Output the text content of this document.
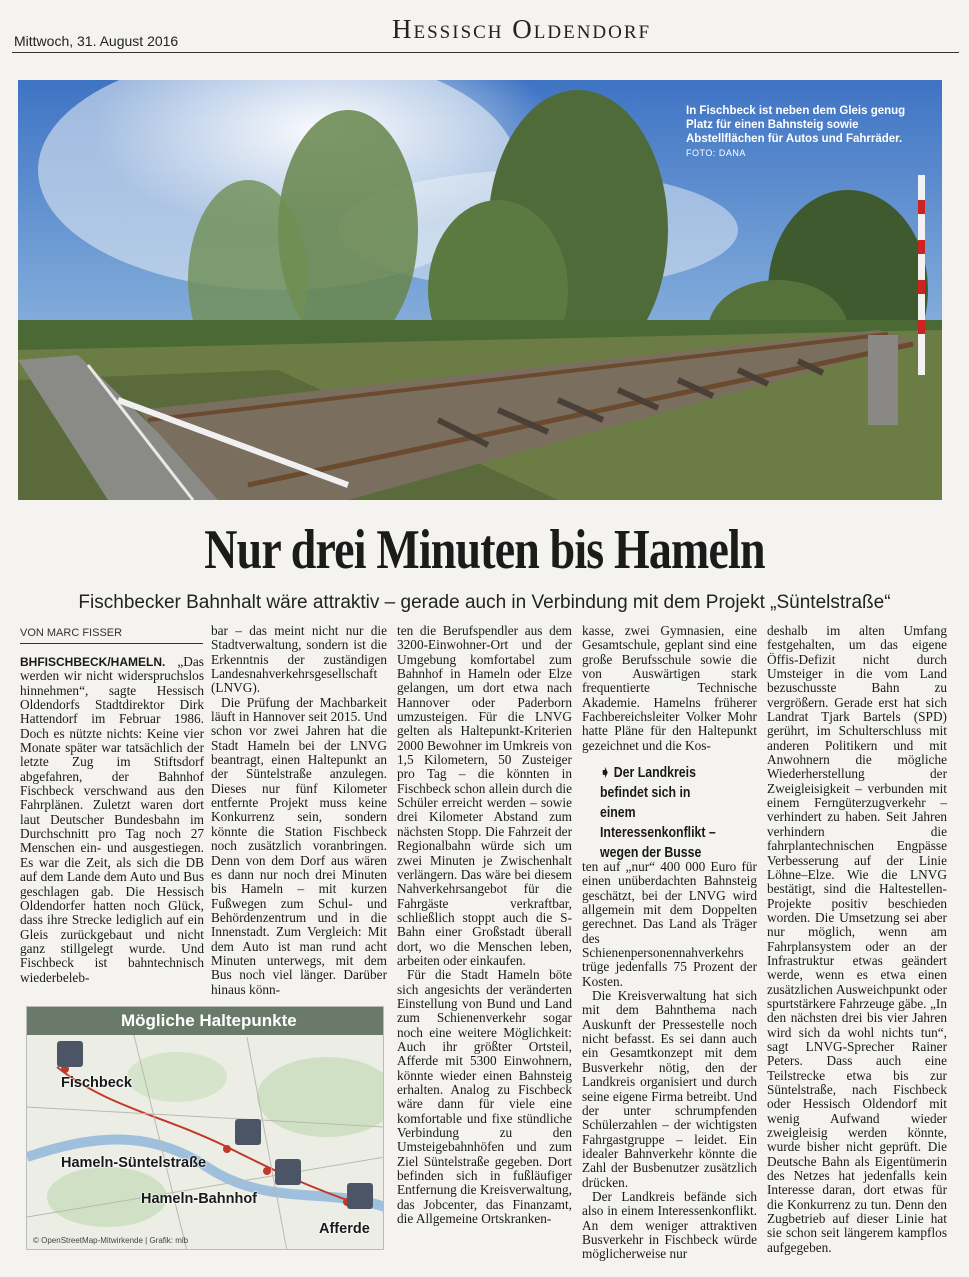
Mittwoch, 31. August 2016	Hessisch Oldendorf
In Fischbeck ist neben dem Gleis genug Platz für einen Bahnsteig sowie Abstellflächen für Autos und Fahrräder. FOTO: DANA
Nur drei Minuten bis Hameln
Fischbecker Bahnhalt wäre attraktiv – gerade auch in Verbindung mit dem Projekt „Süntelstraße“
VON MARC FISSER

BHFISCHBECK/HAMELN. „Das werden wir nicht widerspruchslos hinnehmen“, sagte Hessisch Oldendorfs Stadtdirektor Dirk Hattendorf im Februar 1986. Doch es nützte nichts: Keine vier Monate später war tatsächlich der letzte Zug im Stiftsdorf abgefahren, der Bahnhof Fischbeck verschwand aus den Fahrplänen. Zuletzt waren dort laut Deutscher Bundesbahn im Durchschnitt pro Tag noch 27 Menschen ein- und ausgestiegen. Es war die Zeit, als sich die DB auf dem Lande dem Auto und Bus geschlagen gab. Die Hessisch Oldendorfer hatten noch Glück, dass ihre Strecke lediglich auf ein Gleis zurückgebaut und nicht ganz stillgelegt wurde. Und Fischbeck ist bahntechnisch wiederbeleb-

bar – das meint nicht nur die Stadtverwaltung, sondern ist die Erkenntnis der zuständigen Landesnahverkehrsgesellschaft (LNVG).

Die Prüfung der Machbarkeit läuft in Hannover seit 2015. Und schon vor zwei Jahren hat die Stadt Hameln bei der LNVG beantragt, einen Haltepunkt an der Süntelstraße anzulegen. Dieses nur fünf Kilometer entfernte Projekt muss keine Konkurrenz sein, sondern könnte die Station Fischbeck noch zusätzlich voranbringen. Denn von dem Dorf aus wären es dann nur noch drei Minuten bis Hameln – mit kurzen Fußwegen zum Schul- und Behördenzentrum und in die Innenstadt. Zum Vergleich: Mit dem Auto ist man rund acht Minuten unterwegs, mit dem Bus noch viel länger. Darüber hinaus könn-

ten die Berufspendler aus dem 3200-Einwohner-Ort und der Umgebung komfortabel zum Bahnhof in Hameln oder Elze gelangen, um dort etwa nach Hannover oder Paderborn umzusteigen. Für die LNVG gelten als Haltepunkt-Kriterien 2000 Bewohner im Umkreis von 1,5 Kilometern, 50 Zusteiger pro Tag – die könnten in Fischbeck schon allein durch die Schüler erreicht werden – sowie drei Kilometer Abstand zum nächsten Stopp. Die Fahrzeit der Regionalbahn würde sich um zwei Minuten je Zwischenhalt verlängern. Das wäre bei diesem Nahverkehrsangebot für die Fahrgäste verkraftbar, schließlich stoppt auch die S-Bahn einer Großstadt überall dort, wo die Menschen leben, arbeiten oder einkaufen.

Für die Stadt Hameln böte sich angesichts der veränderten Einstellung von Bund und Land zum Schienenverkehr sogar noch eine weitere Möglichkeit: Auch ihr größter Ortsteil, Afferde mit 5300 Einwohnern, könnte wieder einen Bahnsteig erhalten. Analog zu Fischbeck wäre dann für viele eine komfortable und fixe stündliche Verbindung zu den Umsteigebahnhöfen und zum Ziel Süntelstraße gegeben. Dort befinden sich in fußläufiger Entfernung die Kreisverwaltung, das Jobcenter, das Finanzamt, die Allgemeine Ortskranken-

kasse, zwei Gymnasien, eine Gesamtschule, geplant sind eine große Berufsschule sowie die von Auswärtigen stark frequentierte Technische Akademie. Hamelns früherer Fachbereichsleiter Volker Mohr hatte Pläne für den Haltepunkt gezeichnet und die Kos-

➧ Der Landkreis befindet sich in einem Interessenkonflikt – wegen der Busse

ten auf „nur“ 400 000 Euro für einen unüberdachten Bahnsteig geschätzt, bei der LNVG wird allgemein mit dem Doppelten gerechnet. Das Land als Träger des Schienenpersonennahverkehrs trüge jedenfalls 75 Prozent der Kosten.

Die Kreisverwaltung hat sich mit dem Bahnthema nach Auskunft der Pressestelle noch nicht befasst. Es sei dann auch ein Gesamtkonzept mit dem Busverkehr nötig, den der Landkreis organisiert und durch seine eigene Firma betreibt. Und der unter schrumpfenden Schülerzahlen – der wichtigsten Fahrgastgruppe – leidet. Ein idealer Bahnverkehr könnte die Zahl der Busbenutzer zusätzlich drücken.

Der Landkreis befände sich also in einem Interessenkonflikt. An dem weniger attraktiven Busverkehr in Fischbeck würde möglicherweise nur

deshalb im alten Umfang festgehalten, um das eigene Öffis-Defizit nicht durch Umsteiger in die vom Land bezuschusste Bahn zu vergrößern. Gerade erst hat sich Landrat Tjark Bartels (SPD) gerührt, im Schulterschluss mit anderen Politikern und mit Anwohnern die mögliche Wiederherstellung der Zweigleisigkeit – verbunden mit einem Ferngüterzugverkehr – verhindert zu haben. Seit Jahren verhindern die fahrplantechnischen Engpässe Verbesserung auf der Linie Löhne–Elze. Wie die LNVG bestätigt, sind die Haltestellen-Projekte positiv beschieden worden. Die Umsetzung sei aber nur möglich, wenn am Fahrplansystem oder an der Infrastruktur etwas geändert werde, wenn es etwa einen zusätzlichen Ausweichpunkt oder spurtstärkere Fahrzeuge gäbe. „In den nächsten drei bis vier Jahren wird sich da wohl nichts tun“, sagt LNVG-Sprecher Rainer Peters. Dass auch eine Teilstrecke etwa bis zur Süntelstraße, nach Fischbeck oder Hessisch Oldendorf mit wenig Aufwand wieder zweigleisig werden könnte, wurde bisher nicht geprüft. Die Deutsche Bahn als Eigentümerin des Netzes hat jedenfalls kein Interesse daran, dort etwas für die Konkurrenz zu tun. Denn den Zugbetrieb auf dieser Linie hat sie schon seit längerem kampflos aufgegeben.

Mögliche Haltepunkte
Fischbeck
Hameln-Süntelstraße
Hameln-Bahnhof
Afferde
© OpenStreetMap-Mitwirkende | Grafik: mib
